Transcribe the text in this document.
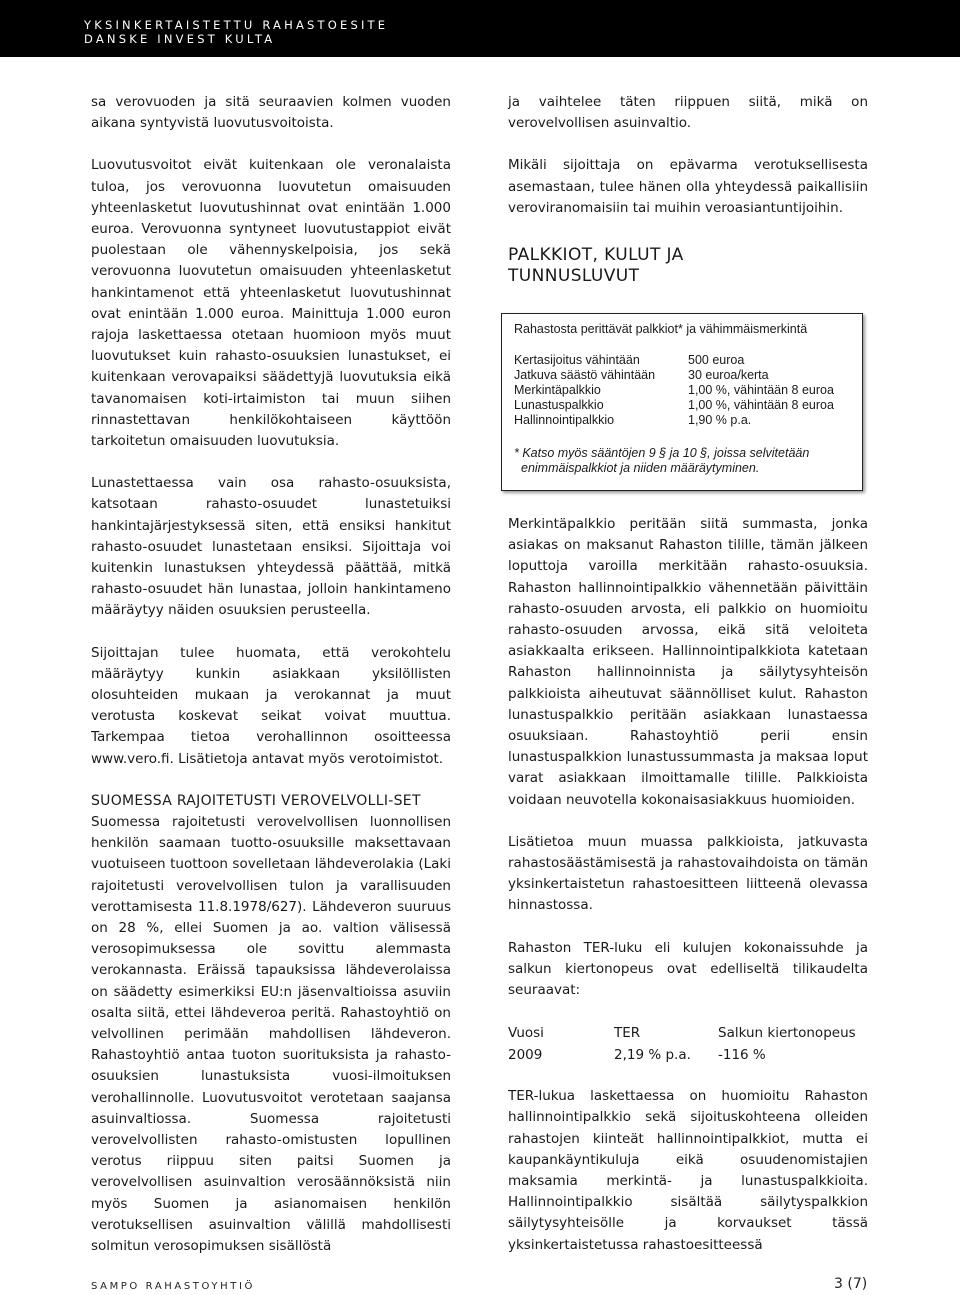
YKSINKERTAISTETTU RAHASTOESITE
DANSKE INVEST KULTA

sa verovuoden ja sitä seuraavien kolmen vuoden aikana syntyvistä luovutusvoitoista.

Luovutusvoitot eivät kuitenkaan ole veronalaista tuloa, jos verovuonna luovutetun omaisuuden yhteenlasketut luovutushinnat ovat enintään 1.000 euroa. Verovuonna syntyneet luovutustappiot eivät puolestaan ole vähennyskelpoisia, jos sekä verovuonna luovutetun omaisuuden yhteenlasketut hankintamenot että yhteenlasketut luovutushinnat ovat enintään 1.000 euroa. Mainittuja 1.000 euron rajoja laskettaessa otetaan huomioon myös muut luovutukset kuin rahasto-osuuksien lunastukset, ei kuitenkaan verovapaiksi säädettyjä luovutuksia eikä tavanomaisen koti-irtaimiston tai muun siihen rinnastettavan henkilökohtaiseen käyttöön tarkoitetun omaisuuden luovutuksia.

Lunastettaessa vain osa rahasto-osuuksista, katsotaan rahasto-osuudet lunastetuiksi hankintajärjestyksessä siten, että ensiksi hankitut rahasto-osuudet lunastetaan ensiksi. Sijoittaja voi kuitenkin lunastuksen yhteydessä päättää, mitkä rahasto-osuudet hän lunastaa, jolloin hankintameno määräytyy näiden osuuksien perusteella.

Sijoittajan tulee huomata, että verokohtelu määräytyy kunkin asiakkaan yksilöllisten olosuhteiden mukaan ja verokannat ja muut verotusta koskevat seikat voivat muuttua. Tarkempaa tietoa verohallinnon osoitteessa www.vero.fi. Lisätietoja antavat myös verotoimistot.

SUOMESSA RAJOITETUSTI VEROVELVOLLI-SET

Suomessa rajoitetusti verovelvollisen luonnollisen henkilön saamaan tuotto-osuuksille maksettavaan vuotuiseen tuottoon sovelletaan lähdeverolakia (Laki rajoitetusti verovelvollisen tulon ja varallisuuden verottamisesta 11.8.1978/627). Lähdeveron suuruus on 28 %, ellei Suomen ja ao. valtion välisessä verosopimuksessa ole sovittu alemmasta verokannasta. Eräissä tapauksissa lähdeverolaissa on säädetty esimerkiksi EU:n jäsenvaltioissa asuviin osalta siitä, ettei lähdeveroa peritä. Rahastoyhtiö on velvollinen perimään mahdollisen lähdeveron. Rahastoyhtiö antaa tuoton suorituksista ja rahasto-osuuksien lunastuksista vuosi-ilmoituksen verohallinnolle. Luovutusvoitot verotetaan saajansa asuinvaltiossa. Suomessa rajoitetusti verovelvollisten rahasto-omistusten lopullinen verotus riippuu siten paitsi Suomen ja verovelvollisen asuinvaltion verosäännöksistä niin myös Suomen ja asianomaisen henkilön verotuksellisen asuinvaltion välillä mahdollisesti solmitun verosopimuksen sisällöstä

ja vaihtelee täten riippuen siitä, mikä on verovelvollisen asuinvaltio.

Mikäli sijoittaja on epävarma verotuksellisesta asemastaan, tulee hänen olla yhteydessä paikallisiin veroviranomaisiin tai muihin veroasiantuntijoihin.

PALKKIOT, KULUT JA
TUNNUSLUVUT
Rahastosta perittävät palkkiot* ja vähimmäismerkintä
Kertasijoitus vähintään	500 euroa
Jatkuva säästö vähintään	30 euroa/kerta
Merkintäpalkkio	1,00 %, vähintään 8 euroa
Lunastuspalkkio	1,00 %, vähintään 8 euroa
Hallinnointipalkkio	1,90 % p.a.
* Katso myös sääntöjen 9 § ja 10 §, joissa selvitetään
enimmäispalkkiot ja niiden määräytyminen.

Merkintäpalkkio peritään siitä summasta, jonka asiakas on maksanut Rahaston tilille, tämän jälkeen loputtoja varoilla merkitään rahasto-osuuksia. Rahaston hallinnointipalkkio vähennetään päivittäin rahasto-osuuden arvosta, eli palkkio on huomioitu rahasto-osuuden arvossa, eikä sitä veloiteta asiakkaalta erikseen. Hallinnointipalkkiota katetaan Rahaston hallinnoinnista ja säilytysyhteisön palkkioista aiheutuvat säännölliset kulut. Rahaston lunastuspalkkio peritään asiakkaan lunastaessa osuuksiaan. Rahastoyhtiö perii ensin lunastuspalkkion lunastussummasta ja maksaa loput varat asiakkaan ilmoittamalle tilille. Palkkioista voidaan neuvotella kokonaisasiakkuus huomioiden.

Lisätietoa muun muassa palkkioista, jatkuvasta rahastosäästämisestä ja rahastovaihdoista on tämän yksinkertaistetun rahastoesitteen liitteenä olevassa hinnastossa.

Rahaston TER-luku eli kulujen kokonaissuhde ja salkun kiertonopeus ovat edelliseltä tilikaudelta seuraavat:

Vuosi	TER	Salkun kiertonopeus
2009	2,19 % p.a.	-116 %

TER-lukua laskettaessa on huomioitu Rahaston hallinnointipalkkio sekä sijoituskohteena olleiden rahastojen kiinteät hallinnointipalkkiot, mutta ei kaupankäyntikuluja eikä osuudenomistajien maksamia merkintä- ja lunastuspalkkioita. Hallinnointipalkkio sisältää säilytyspalkkion säilytysyhteisölle ja korvaukset tässä yksinkertaistetussa rahastoesitteessä

SAMPO RAHASTOYHTIÖ	3 (7)
